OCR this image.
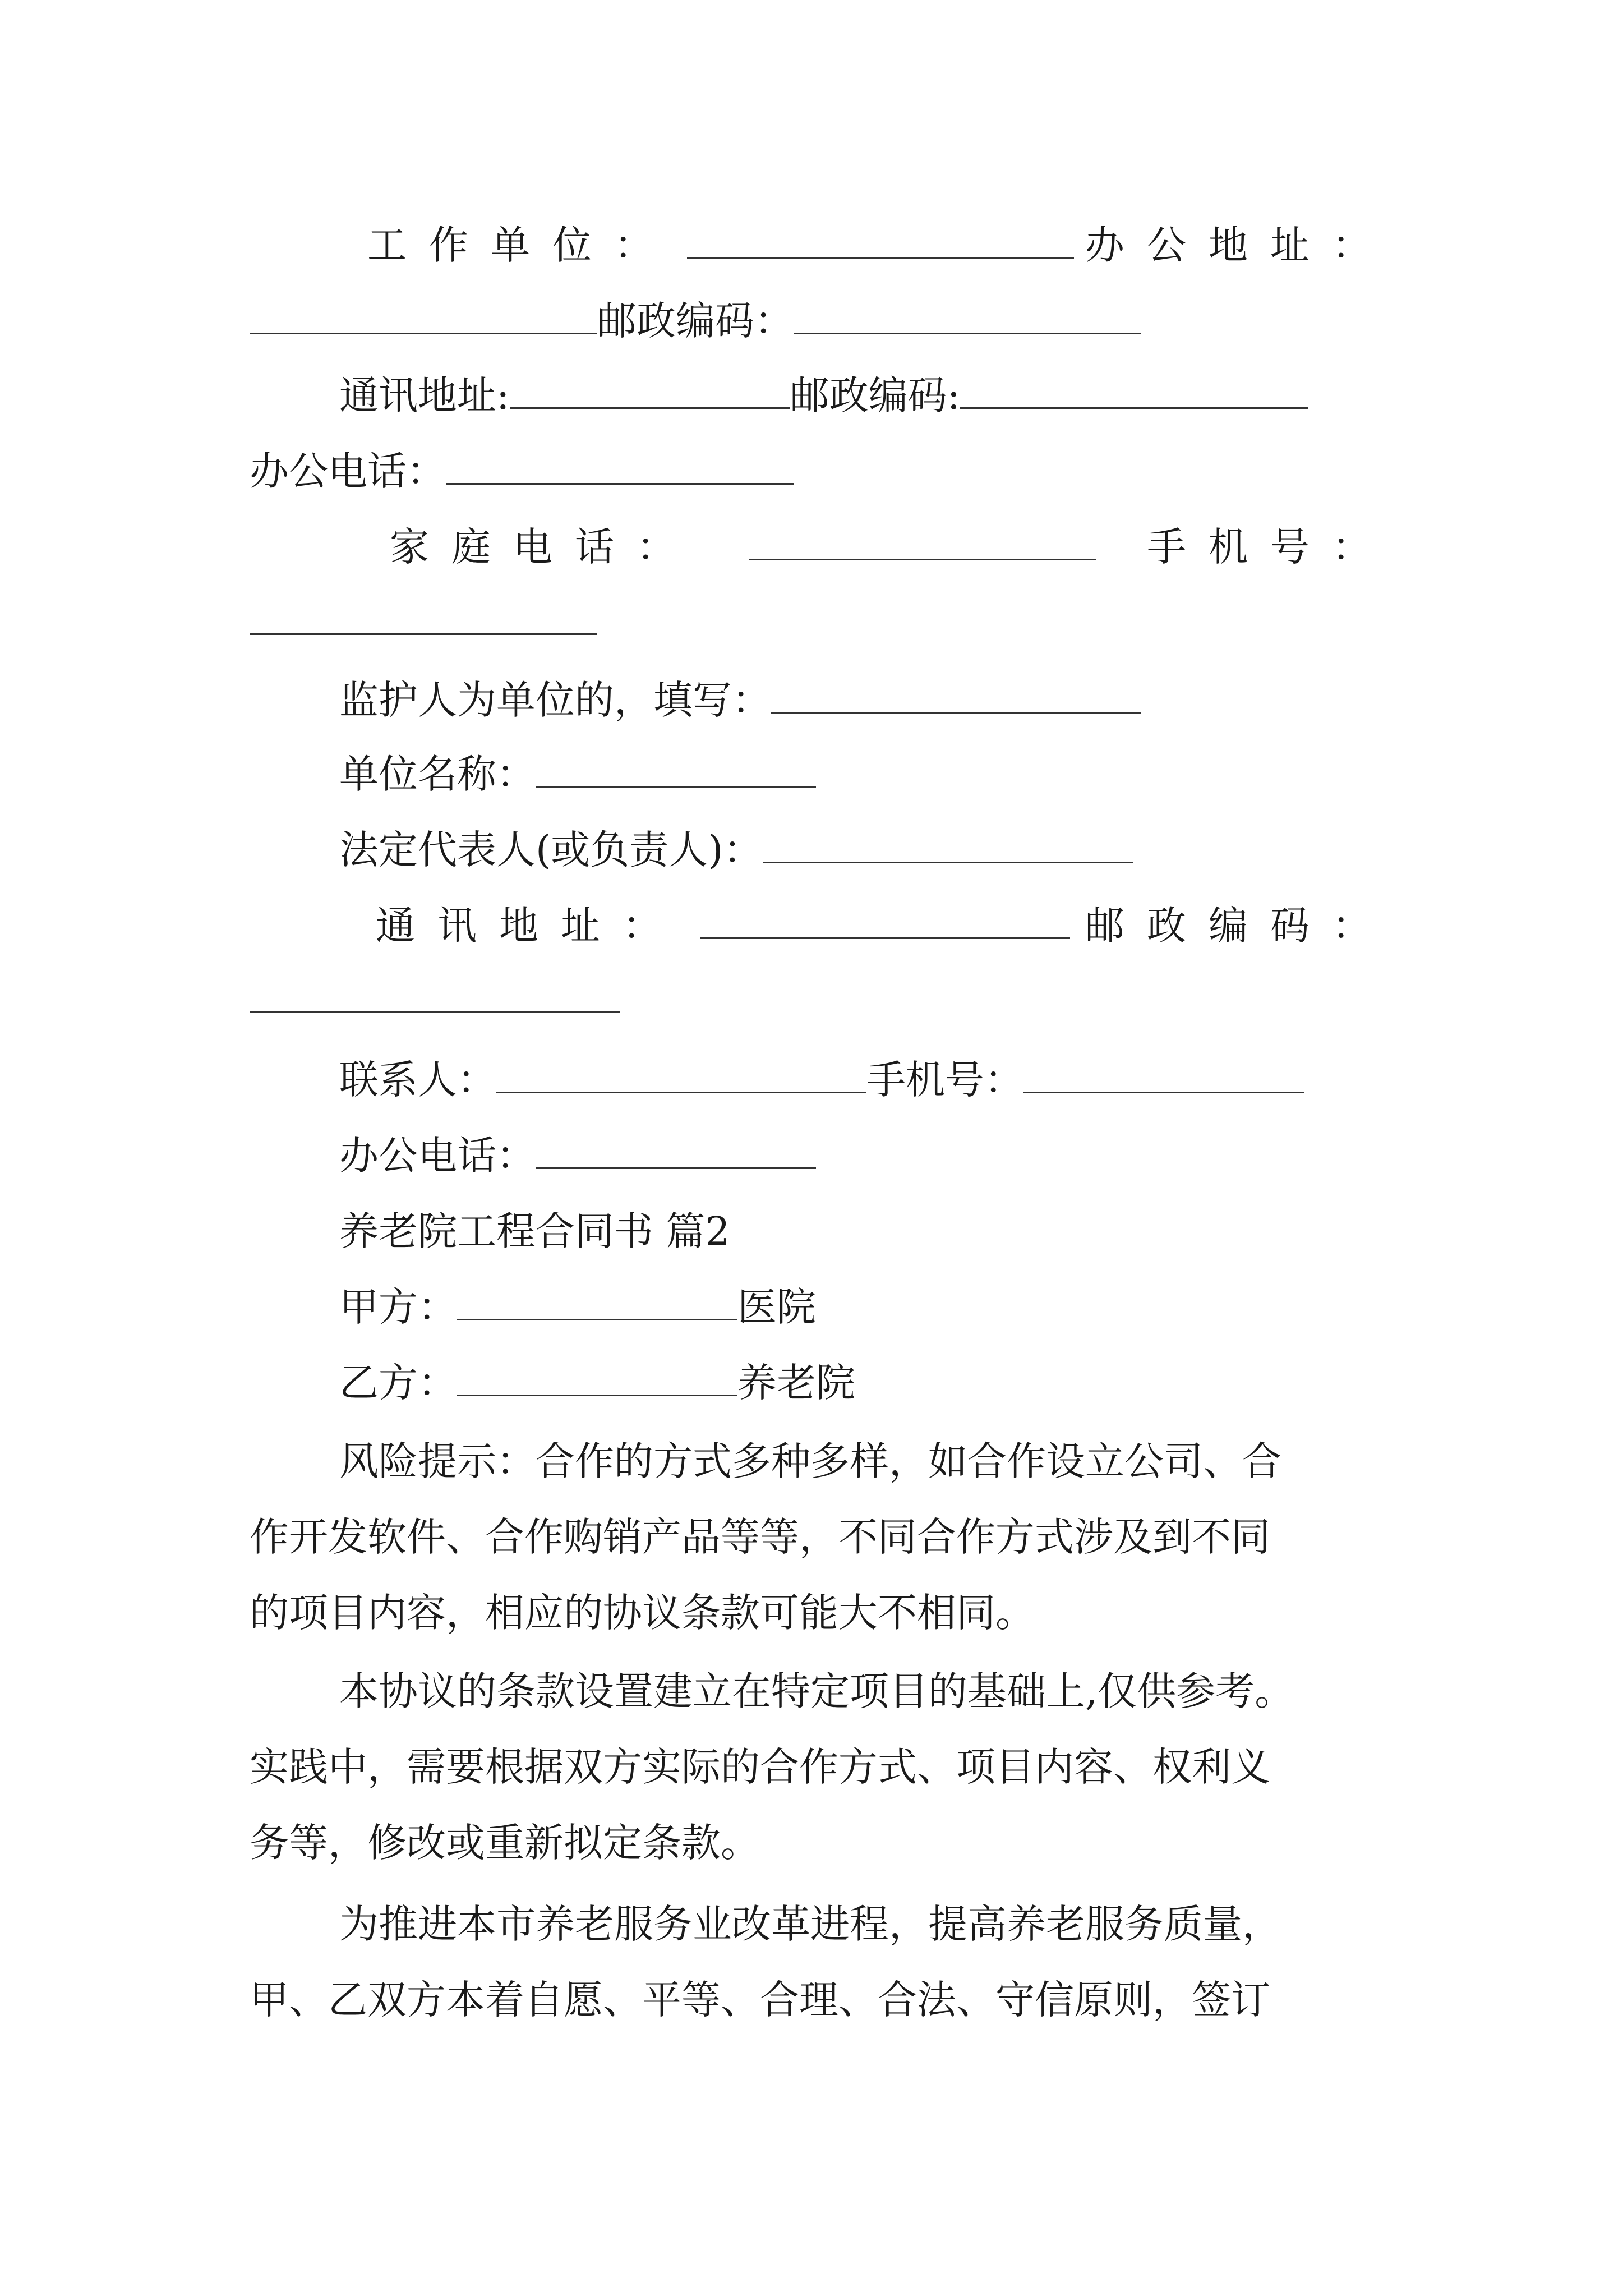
工作单位：	办公地址：
邮政编码：
通讯地址:	邮政编码:
办公电话：
家庭电话：	手机号：
监护人为单位的，填写：
单位名称：
法定代表人(或负责人)：
通讯地址：	邮政编码：
联系人：	手机号：
办公电话：
养老院工程合同书 篇2
甲方：	医院
乙方：	养老院
风险提示：合作的方式多种多样，如合作设立公司、合
作开发软件、合作购销产品等等，不同合作方式涉及到不同
的项目内容，相应的协议条款可能大不相同。
本协议的条款设置建立在特定项目的基础上,仅供参考。
实践中，需要根据双方实际的合作方式、项目内容、权利义
务等，修改或重新拟定条款。
为推进本市养老服务业改革进程，提高养老服务质量，
甲、乙双方本着自愿、平等、合理、合法、守信原则，签订
